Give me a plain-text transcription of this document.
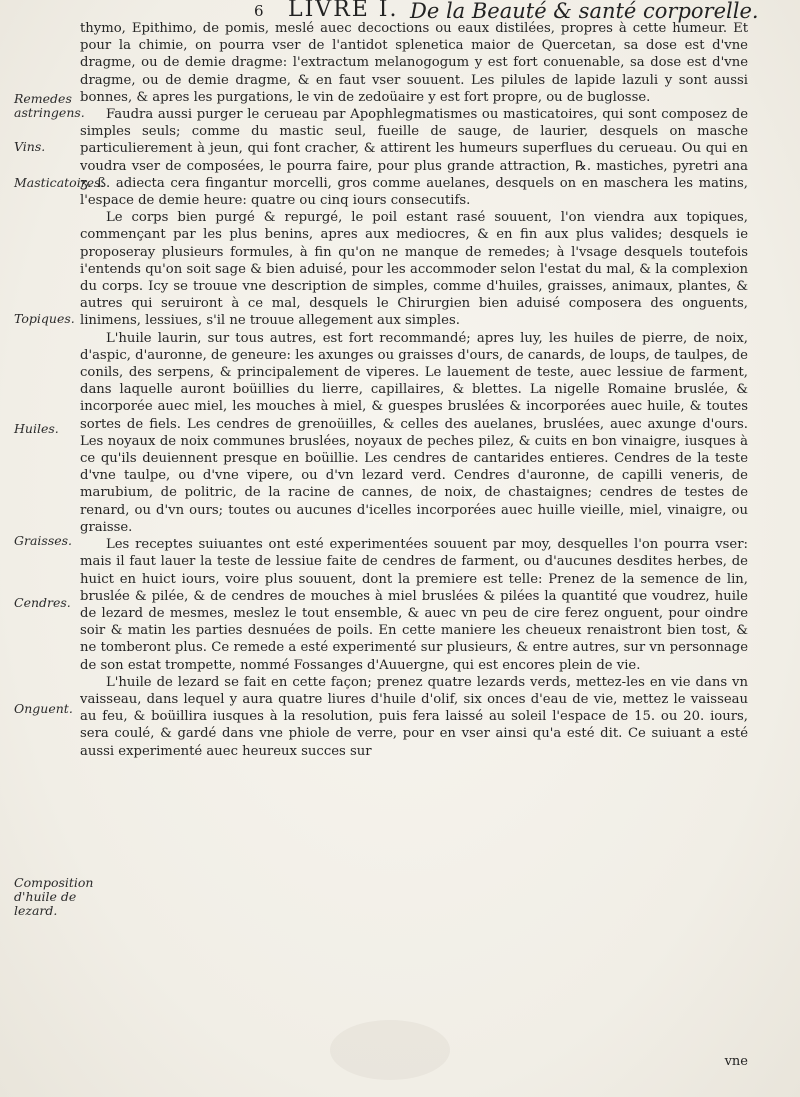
6 LIVRE I. De la Beauté & santé corporelle.
Remedes astringens.
Vins.
Masticatoires.
Topiques.
Huiles.
Graisses.
Cendres.
Onguent.
Composition d'huile de lezard.

thymo, Epithimo, de pomis, meslé auec decoctions ou eaux distilées, propres à cette humeur. Et pour la chimie, on pourra vser de l'antidot splenetica maior de Quercetan, sa dose est d'vne dragme, ou de demie dragme: l'extractum melanogogum y est fort conuenable, sa dose est d'vne dragme, ou de demie dragme, & en faut vser souuent. Les pilules de lapide lazuli y sont aussi bonnes, & apres les purgations, le vin de zedoüaire y est fort propre, ou de buglosse.

Faudra aussi purger le cerueau par Apophlegmatismes ou masticatoires, qui sont composez de simples seuls; comme du mastic seul, fueille de sauge, de laurier, desquels on masche particulierement à jeun, qui font cracher, & attirent les humeurs superflues du cerueau. Ou qui en voudra vser de composées, le pourra faire, pour plus grande attraction, ℞. mastiches, pyretri ana ʒ. ß. adiecta cera fingantur morcelli, gros comme auelanes, desquels on en maschera les matins, l'espace de demie heure: quatre ou cinq iours consecutifs.

Le corps bien purgé & repurgé, le poil estant rasé souuent, l'on viendra aux topiques, commençant par les plus benins, apres aux mediocres, & en fin aux plus valides; desquels ie proposeray plusieurs formules, à fin qu'on ne manque de remedes; à l'vsage desquels toutefois i'entends qu'on soit sage & bien aduisé, pour les accommoder selon l'estat du mal, & la complexion du corps. Icy se trouue vne description de simples, comme d'huiles, graisses, animaux, plantes, & autres qui seruiront à ce mal, desquels le Chirurgien bien aduisé composera des onguents, linimens, lessiues, s'il ne trouue allegement aux simples.

L'huile laurin, sur tous autres, est fort recommandé; apres luy, les huiles de pierre, de noix, d'aspic, d'auronne, de geneure: les axunges ou graisses d'ours, de canards, de loups, de taulpes, de conils, des serpens, & principalement de viperes. Le lauement de teste, auec lessiue de farment, dans laquelle auront boüillies du lierre, capillaires, & blettes. La nigelle Romaine bruslée, & incorporée auec miel, les mouches à miel, & guespes bruslées & incorporées auec huile, & toutes sortes de fiels. Les cendres de grenoüilles, & celles des auelanes, bruslées, auec axunge d'ours. Les noyaux de noix communes bruslées, noyaux de peches pilez, & cuits en bon vinaigre, iusques à ce qu'ils deuiennent presque en boüillie. Les cendres de cantarides entieres. Cendres de la teste d'vne taulpe, ou d'vne vipere, ou d'vn lezard verd. Cendres d'auronne, de capilli veneris, de marubium, de politric, de la racine de cannes, de noix, de chastaignes; cendres de testes de renard, ou d'vn ours; toutes ou aucunes d'icelles incorporées auec huille vieille, miel, vinaigre, ou graisse.

Les receptes suiuantes ont esté experimentées souuent par moy, desquelles l'on pourra vser: mais il faut lauer la teste de lessiue faite de cendres de farment, ou d'aucunes desdites herbes, de huict en huict iours, voire plus souuent, dont la premiere est telle: Prenez de la semence de lin, bruslée & pilée, & de cendres de mouches à miel bruslées & pilées la quantité que voudrez, huile de lezard de mesmes, meslez le tout ensemble, & auec vn peu de cire ferez onguent, pour oindre soir & matin les parties desnuées de poils. En cette maniere les cheueux renaistront bien tost, & ne tomberont plus. Ce remede a esté experimenté sur plusieurs, & entre autres, sur vn personnage de son estat trompette, nommé Fossanges d'Auuergne, qui est encores plein de vie.

L'huile de lezard se fait en cette façon; prenez quatre lezards verds, mettez-les en vie dans vn vaisseau, dans lequel y aura quatre liures d'huile d'olif, six onces d'eau de vie, mettez le vaisseau au feu, & boüillira iusques à la resolution, puis fera laissé au soleil l'espace de 15. ou 20. iours, sera coulé, & gardé dans vne phiole de verre, pour en vser ainsi qu'a esté dit. Ce suiuant a esté aussi experimenté auec heureux succes sur

vne
